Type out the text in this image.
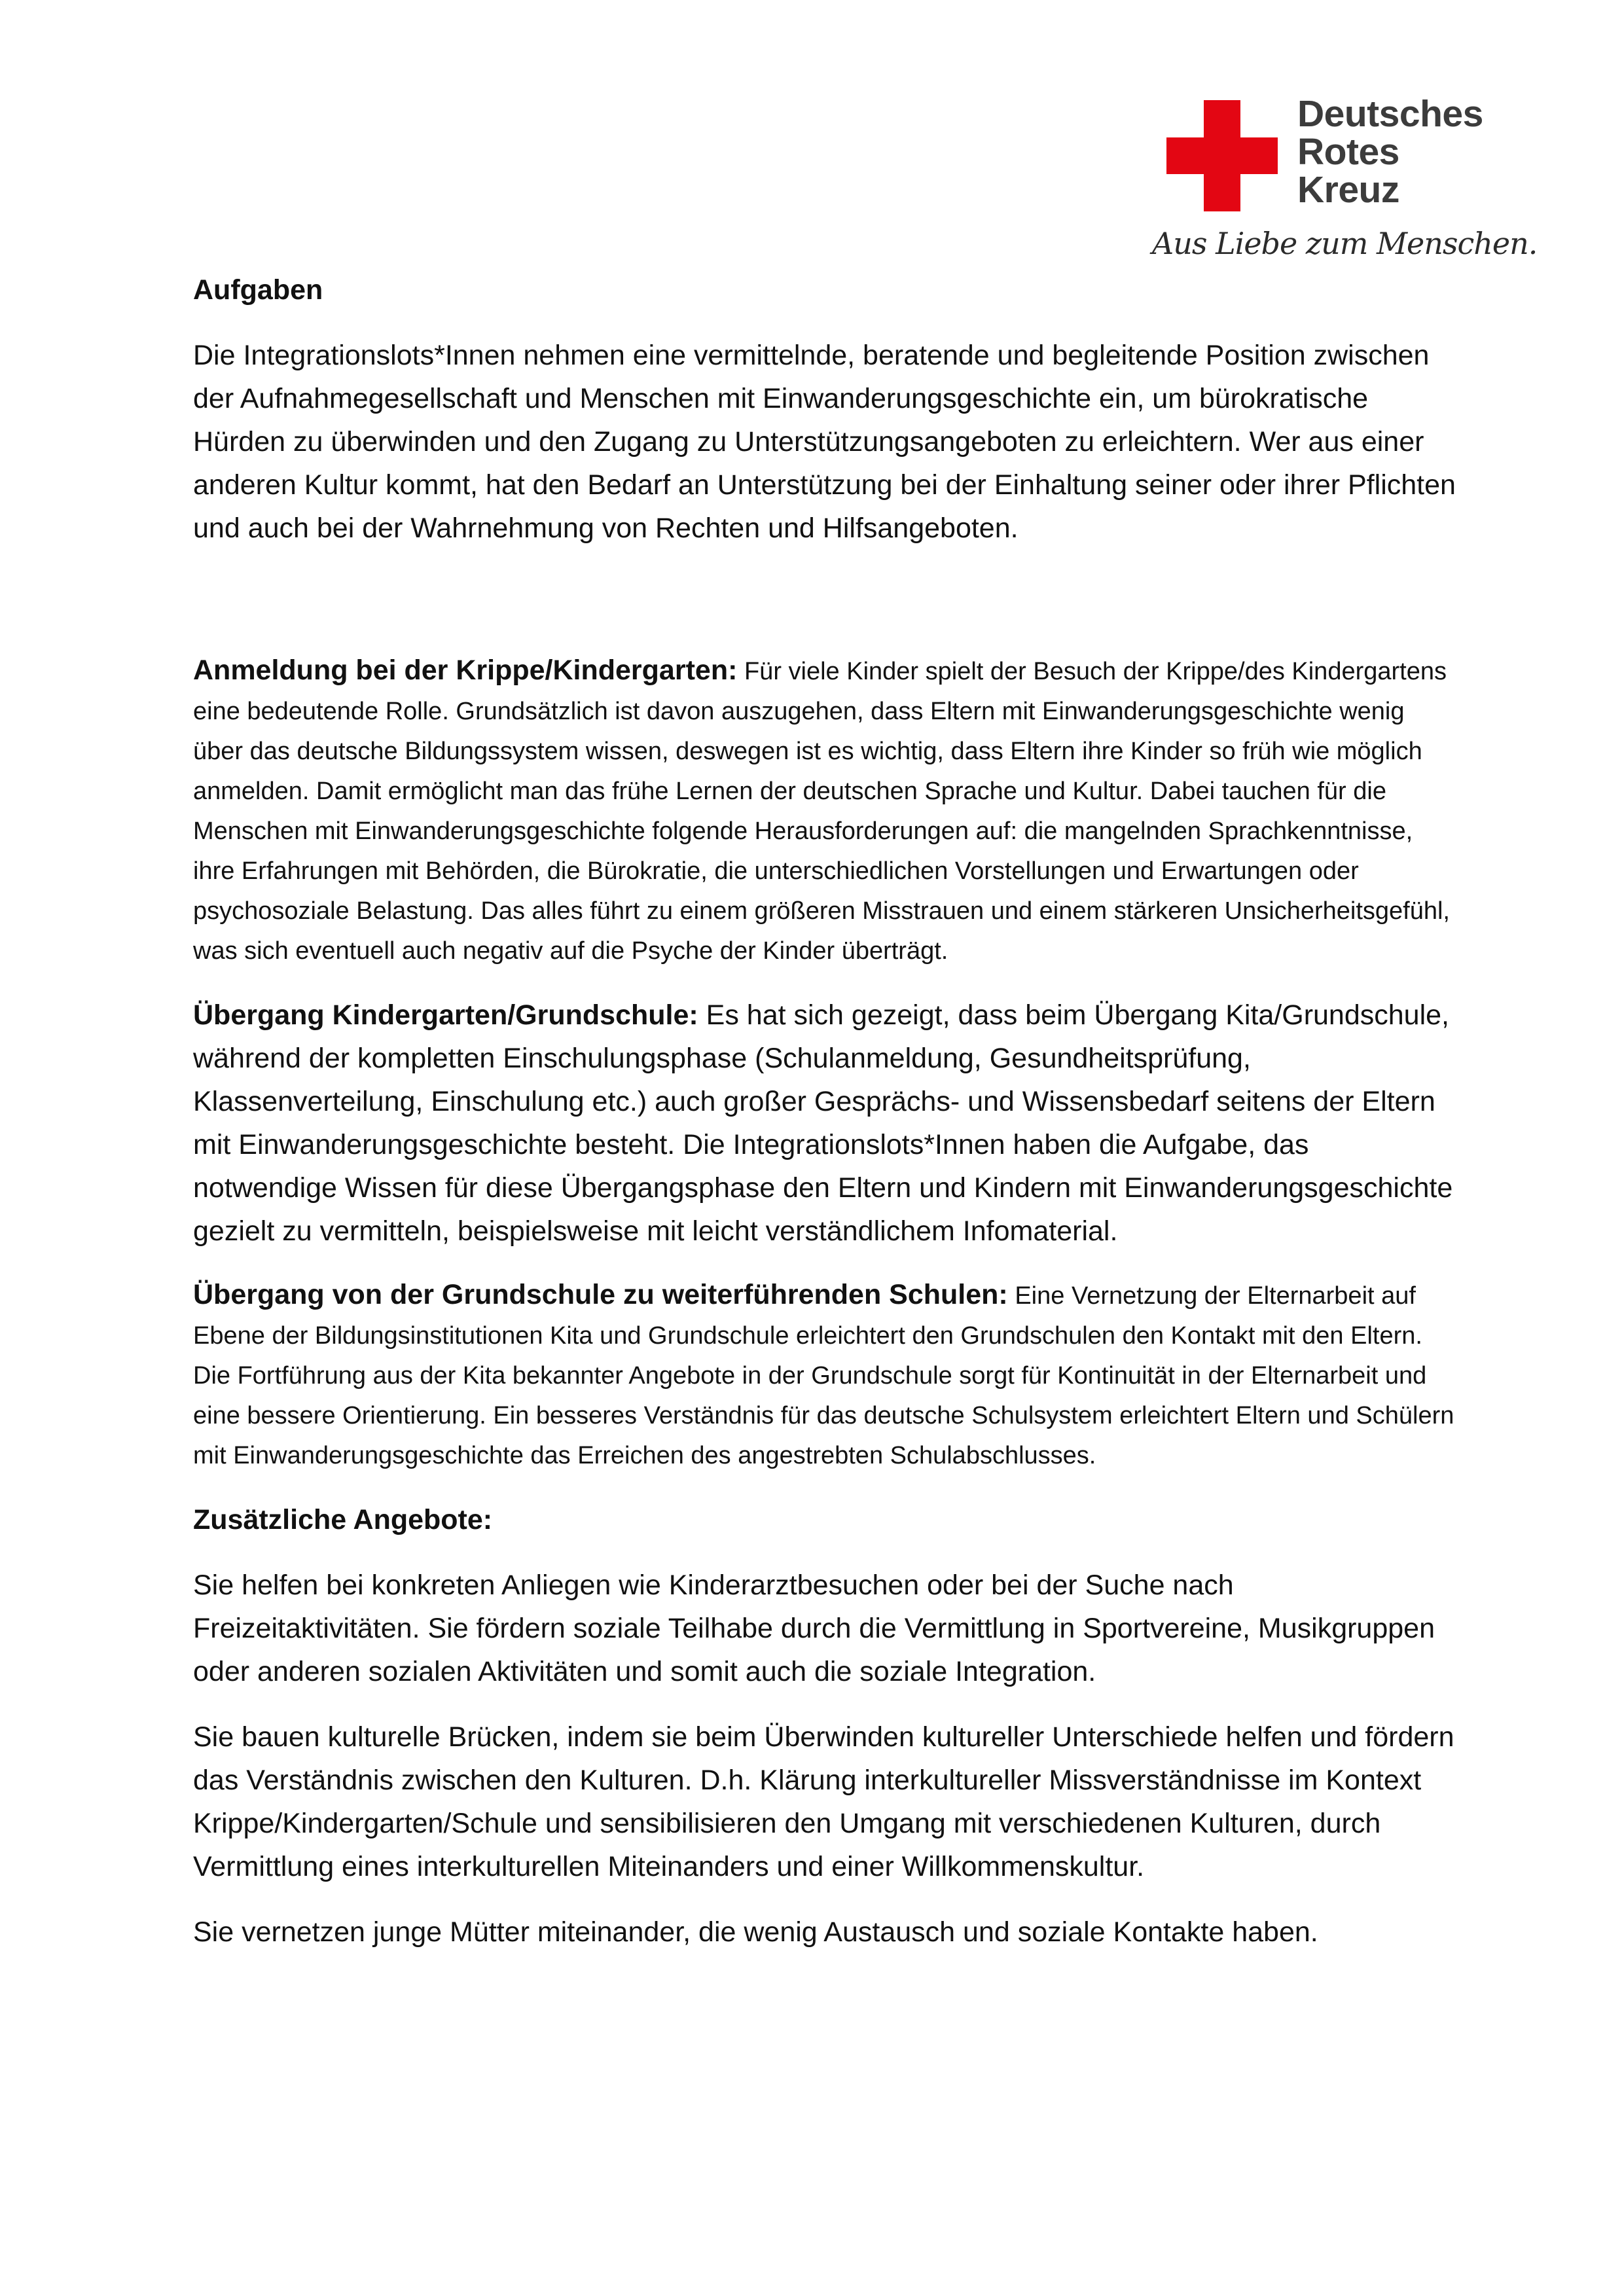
Deutsches
Rotes
Kreuz
Aus Liebe zum Menschen.

Aufgaben

Die Integrationslots*Innen nehmen eine vermittelnde, beratende und begleitende Position zwischen der Aufnahmegesellschaft und Menschen mit Einwanderungsgeschichte ein, um bürokratische Hürden zu überwinden und den Zugang zu Unterstützungsangeboten zu erleichtern. Wer aus einer anderen Kultur kommt, hat den Bedarf an Unterstützung bei der Einhaltung seiner oder ihrer Pflichten und auch bei der Wahrnehmung von Rechten und Hilfsangeboten.

Anmeldung bei der Krippe/Kindergarten: Für viele Kinder spielt der Besuch der Krippe/des Kindergartens eine bedeutende Rolle. Grundsätzlich ist davon auszugehen, dass Eltern mit Einwanderungsgeschichte wenig über das deutsche Bildungssystem wissen, deswegen ist es wichtig, dass Eltern ihre Kinder so früh wie möglich anmelden. Damit ermöglicht man das frühe Lernen der deutschen Sprache und Kultur. Dabei tauchen für die Menschen mit Einwanderungsgeschichte folgende Herausforderungen auf: die mangelnden Sprachkenntnisse, ihre Erfahrungen mit Behörden, die Bürokratie, die unterschiedlichen Vorstellungen und Erwartungen oder psychosoziale Belastung. Das alles führt zu einem größeren Misstrauen und einem stärkeren Unsicherheitsgefühl, was sich eventuell auch negativ auf die Psyche der Kinder überträgt.

Übergang Kindergarten/Grundschule: Es hat sich gezeigt, dass beim Übergang Kita/Grundschule, während der kompletten Einschulungsphase (Schulanmeldung, Gesundheitsprüfung, Klassenverteilung, Einschulung etc.) auch großer Gesprächs- und Wissensbedarf seitens der Eltern mit Einwanderungsgeschichte besteht. Die Integrationslots*Innen haben die Aufgabe, das notwendige Wissen für diese Übergangsphase den Eltern und Kindern mit Einwanderungsgeschichte gezielt zu vermitteln, beispielsweise mit leicht verständlichem Infomaterial.

Übergang von der Grundschule zu weiterführenden Schulen: Eine Vernetzung der Elternarbeit auf Ebene der Bildungsinstitutionen Kita und Grundschule erleichtert den Grundschulen den Kontakt mit den Eltern. Die Fortführung aus der Kita bekannter Angebote in der Grundschule sorgt für Kontinuität in der Elternarbeit und eine bessere Orientierung. Ein besseres Verständnis für das deutsche Schulsystem erleichtert Eltern und Schülern mit Einwanderungsgeschichte das Erreichen des angestrebten Schulabschlusses.

Zusätzliche Angebote:

Sie helfen bei konkreten Anliegen wie Kinderarztbesuchen oder bei der Suche nach Freizeitaktivitäten. Sie fördern soziale Teilhabe durch die Vermittlung in Sportvereine, Musikgruppen oder anderen sozialen Aktivitäten und somit auch die soziale Integration.

Sie bauen kulturelle Brücken, indem sie beim Überwinden kultureller Unterschiede helfen und fördern das Verständnis zwischen den Kulturen. D.h. Klärung interkultureller Missverständnisse im Kontext Krippe/Kindergarten/Schule und sensibilisieren den Umgang mit verschiedenen Kulturen, durch Vermittlung eines interkulturellen Miteinanders und einer Willkommenskultur.

Sie vernetzen junge Mütter miteinander, die wenig Austausch und soziale Kontakte haben.
